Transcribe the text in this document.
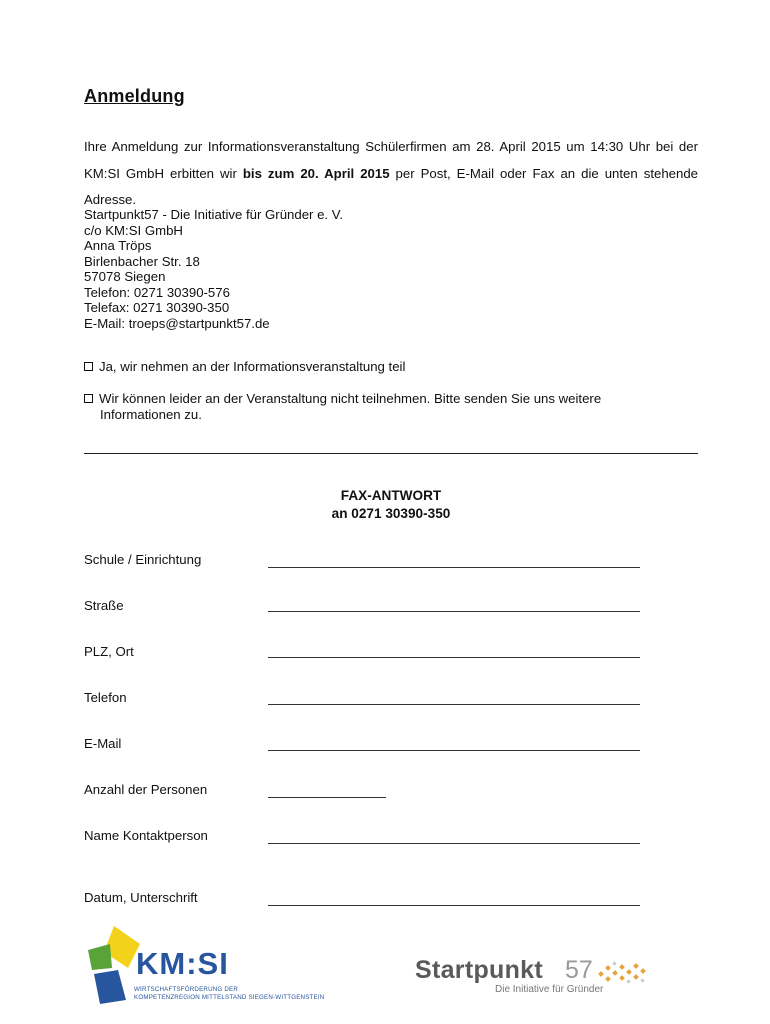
Anmeldung
Ihre Anmeldung zur Informationsveranstaltung Schülerfirmen am 28. April 2015 um 14:30 Uhr bei der KM:SI GmbH erbitten wir bis zum 20. April 2015 per Post, E-Mail oder Fax an die unten stehende Adresse.
Startpunkt57 - Die Initiative für Gründer e. V.
c/o KM:SI GmbH
Anna Tröps
Birlenbacher Str. 18
57078 Siegen
Telefon: 0271 30390-576
Telefax: 0271 30390-350
E-Mail: troeps@startpunkt57.de
Ja, wir nehmen an der Informationsveranstaltung teil
Wir können leider an der Veranstaltung nicht teilnehmen. Bitte senden Sie uns weitere
Informationen zu.
FAX-ANTWORT
an 0271 30390-350
Schule / Einrichtung
Straße
PLZ, Ort
Telefon
E-Mail
Anzahl der Personen
Name Kontaktperson
Datum, Unterschrift
KM:SI
WIRTSCHAFTSFÖRDERUNG DER
KOMPETENZREGION MITTELSTAND SIEGEN-WITTGENSTEIN
Startpunkt 57
Die Initiative für Gründer
